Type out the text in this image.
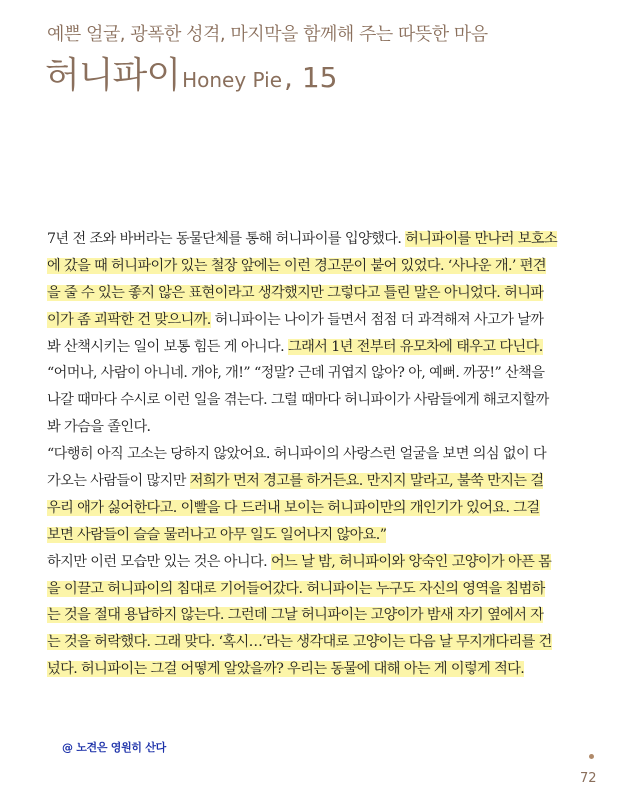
예쁜 얼굴, 광폭한 성격, 마지막을 함께해 주는 따뜻한 마음
허니파이 Honey Pie, 15
7년 전 조와 바버라는 동물단체를 통해 허니파이를 입양했다. 허니파이를 만나러 보호소
에 갔을 때 허니파이가 있는 철장 앞에는 이런 경고문이 붙어 있었다. ‘사나운 개.’ 편견
을 줄 수 있는 좋지 않은 표현이라고 생각했지만 그렇다고 틀린 말은 아니었다. 허니파
이가 좀 괴팍한 건 맞으니까. 허니파이는 나이가 들면서 점점 더 과격해져 사고가 날까
봐 산책시키는 일이 보통 힘든 게 아니다. 그래서 1년 전부터 유모차에 태우고 다닌다.
“어머나, 사람이 아니네. 개야, 개!” “정말? 근데 귀엽지 않아? 아, 예뻐. 까꿍!” 산책을
나갈 때마다 수시로 이런 일을 겪는다. 그럴 때마다 허니파이가 사람들에게 해코지할까
봐 가슴을 졸인다.
“다행히 아직 고소는 당하지 않았어요. 허니파이의 사랑스런 얼굴을 보면 의심 없이 다
가오는 사람들이 많지만 저희가 먼저 경고를 하거든요. 만지지 말라고, 불쑥 만지는 걸
우리 애가 싫어한다고. 이빨을 다 드러내 보이는 허니파이만의 개인기가 있어요. 그걸
보면 사람들이 슬슬 물러나고 아무 일도 일어나지 않아요.”
하지만 이런 모습만 있는 것은 아니다. 어느 날 밤, 허니파이와 앙숙인 고양이가 아픈 몸
을 이끌고 허니파이의 침대로 기어들어갔다. 허니파이는 누구도 자신의 영역을 침범하
는 것을 절대 용납하지 않는다. 그런데 그날 허니파이는 고양이가 밤새 자기 옆에서 자
는 것을 허락했다. 그래 맞다. ‘혹시…’라는 생각대로 고양이는 다음 날 무지개다리를 건
넜다. 허니파이는 그걸 어떻게 알았을까? 우리는 동물에 대해 아는 게 이렇게 적다.
@ 노견은 영원히 산다
72
